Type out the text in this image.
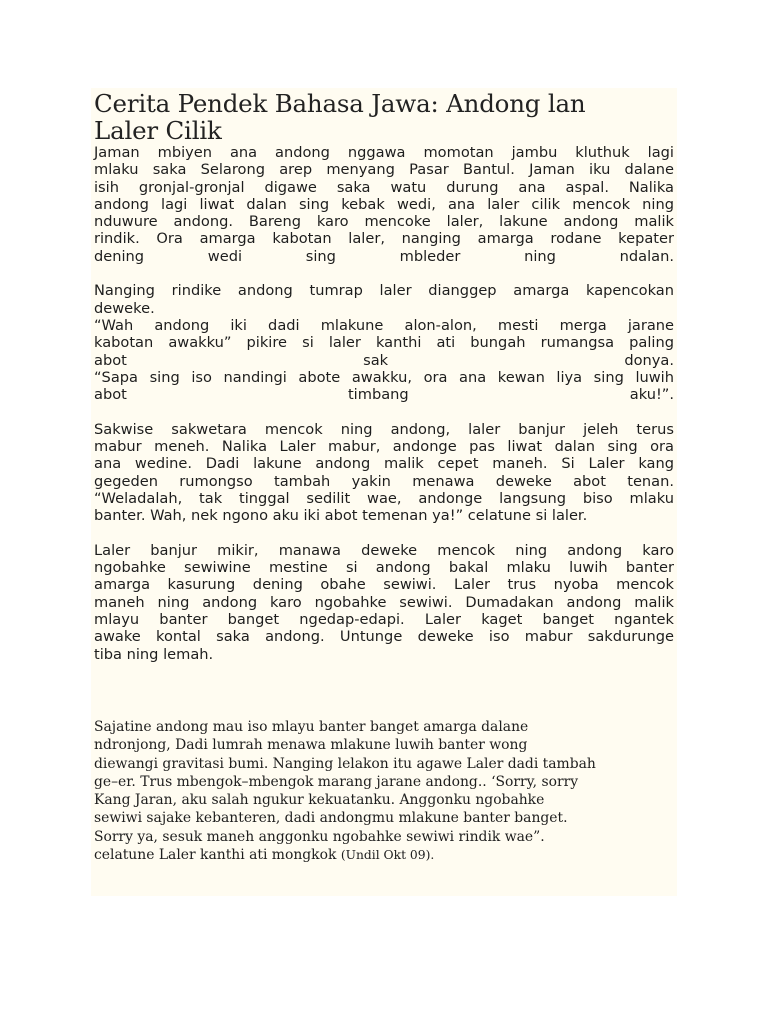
Cerita Pendek Bahasa Jawa: Andong lan
Laler Cilik
Jaman mbiyen ana andong nggawa momotan jambu kluthuk lagi
mlaku saka Selarong arep menyang Pasar Bantul. Jaman iku dalane
isih gronjal-gronjal digawe saka watu durung ana aspal. Nalika
andong lagi liwat dalan sing kebak wedi, ana laler cilik mencok ning
nduwure andong. Bareng karo mencoke laler, lakune andong malik
rindik. Ora amarga kabotan laler, nanging amarga rodane kepater
dening wedi sing mbleder ning ndalan.
Nanging rindike andong tumrap laler dianggep amarga kapencokan
deweke.
“Wah andong iki dadi mlakune alon-alon, mesti merga jarane
kabotan awakku” pikire si laler kanthi ati bungah rumangsa paling
abot sak donya.
“Sapa sing iso nandingi abote awakku, ora ana kewan liya sing luwih
abot timbang aku!”.
Sakwise sakwetara mencok ning andong, laler banjur jeleh terus
mabur meneh. Nalika Laler mabur, andonge pas liwat dalan sing ora
ana wedine. Dadi lakune andong malik cepet maneh. Si Laler kang
gegeden rumongso tambah yakin menawa deweke abot tenan.
“Weladalah, tak tinggal sedilit wae, andonge langsung biso mlaku
banter. Wah, nek ngono aku iki abot temenan ya!” celatune si laler.
Laler banjur mikir, manawa deweke mencok ning andong karo
ngobahke sewiwine mestine si andong bakal mlaku luwih banter
amarga kasurung dening obahe sewiwi. Laler trus nyoba mencok
maneh ning andong karo ngobahke sewiwi. Dumadakan andong malik
mlayu banter banget ngedap-edapi. Laler kaget banget ngantek
awake kontal saka andong. Untunge deweke iso mabur sakdurunge
tiba ning lemah.
Sajatine andong mau iso mlayu banter banget amarga dalane
ndronjong, Dadi lumrah menawa mlakune luwih banter wong
diewangi gravitasi bumi. Nanging lelakon itu agawe Laler dadi tambah
ge–er. Trus mbengok–mbengok marang jarane andong.. ‘Sorry, sorry
Kang Jaran, aku salah ngukur kekuatanku. Anggonku ngobahke
sewiwi sajake kebanteren, dadi andongmu mlakune banter banget.
Sorry ya, sesuk maneh anggonku ngobahke sewiwi rindik wae”.
celatune Laler kanthi ati mongkok (Undil Okt 09).
